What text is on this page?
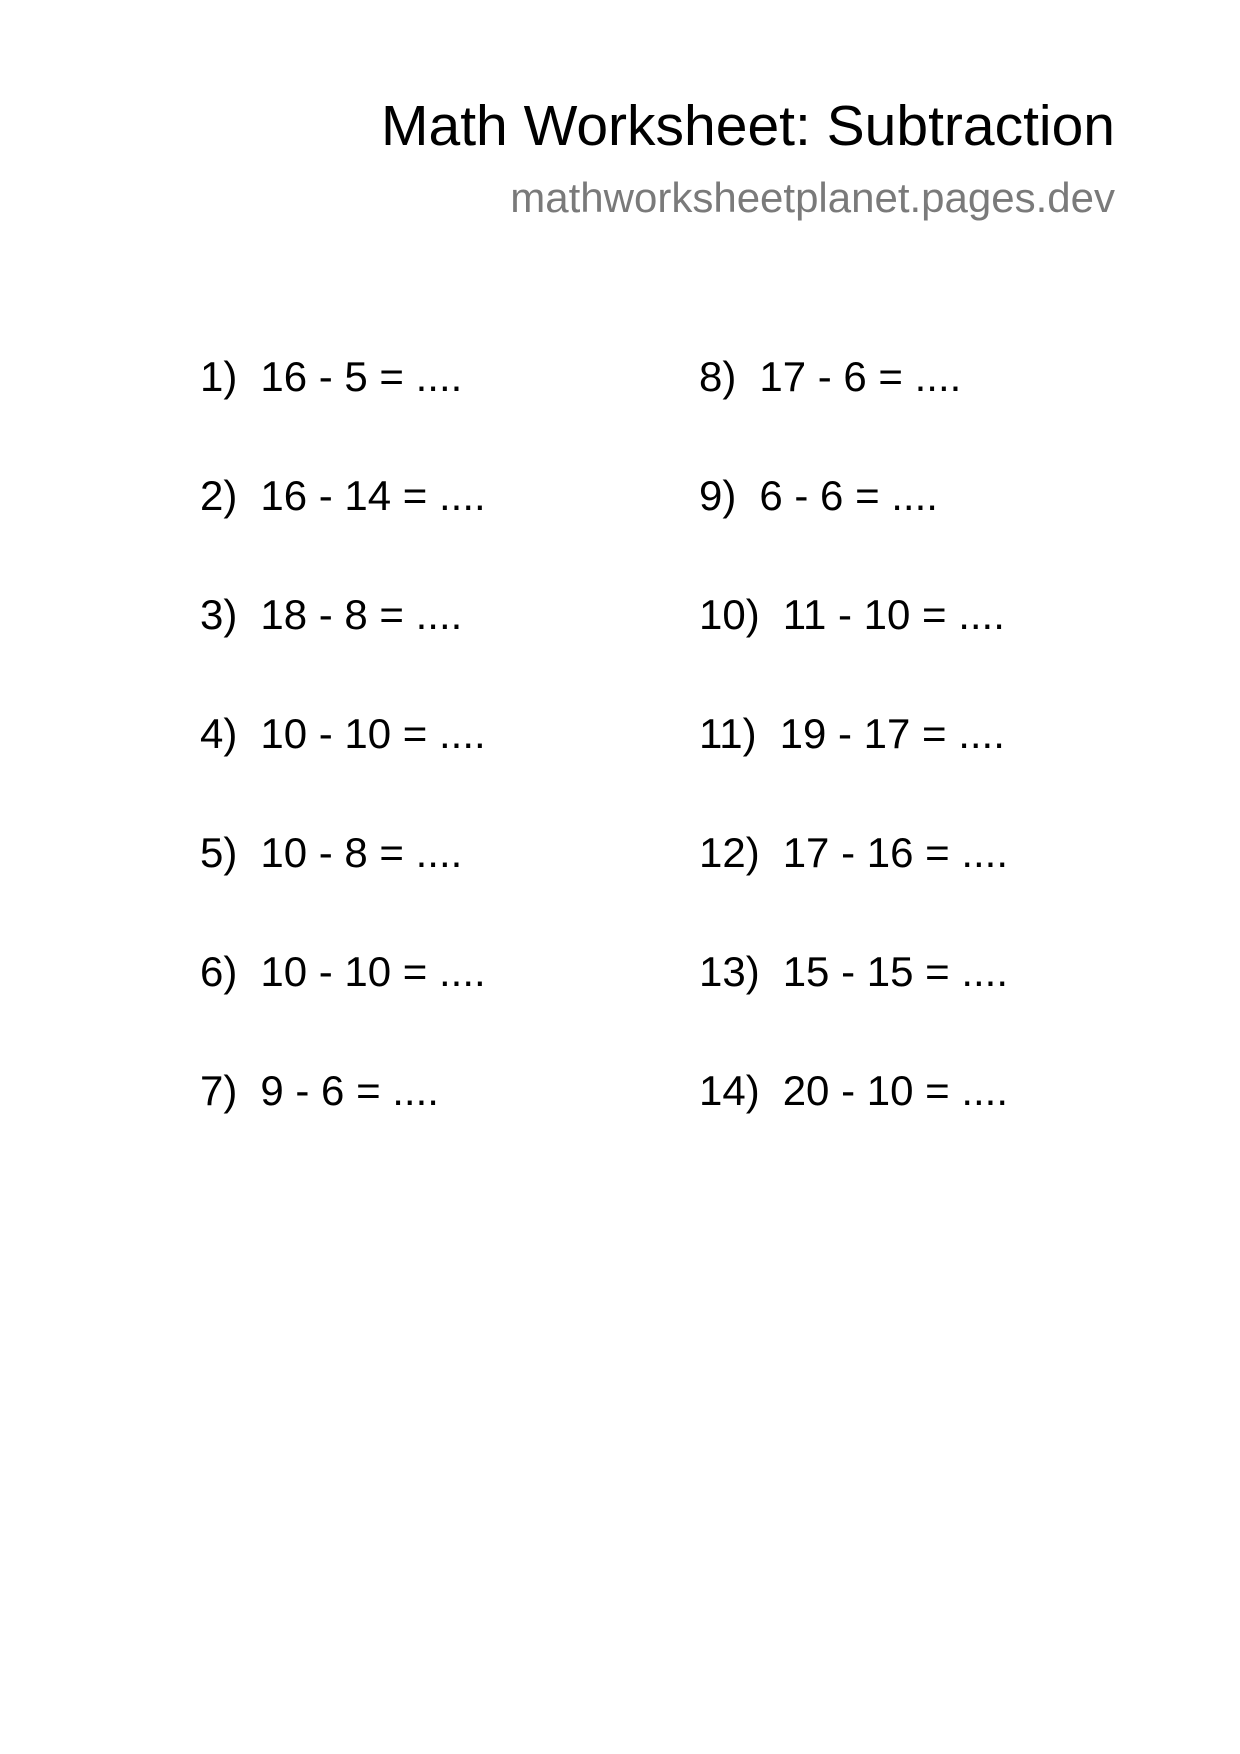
Math Worksheet: Subtraction
mathworksheetplanet.pages.dev
1) 16 - 5 = ....
2) 16 - 14 = ....
3) 18 - 8 = ....
4) 10 - 10 = ....
5) 10 - 8 = ....
6) 10 - 10 = ....
7) 9 - 6 = ....
8) 17 - 6 = ....
9) 6 - 6 = ....
10) 11 - 10 = ....
11) 19 - 17 = ....
12) 17 - 16 = ....
13) 15 - 15 = ....
14) 20 - 10 = ....
